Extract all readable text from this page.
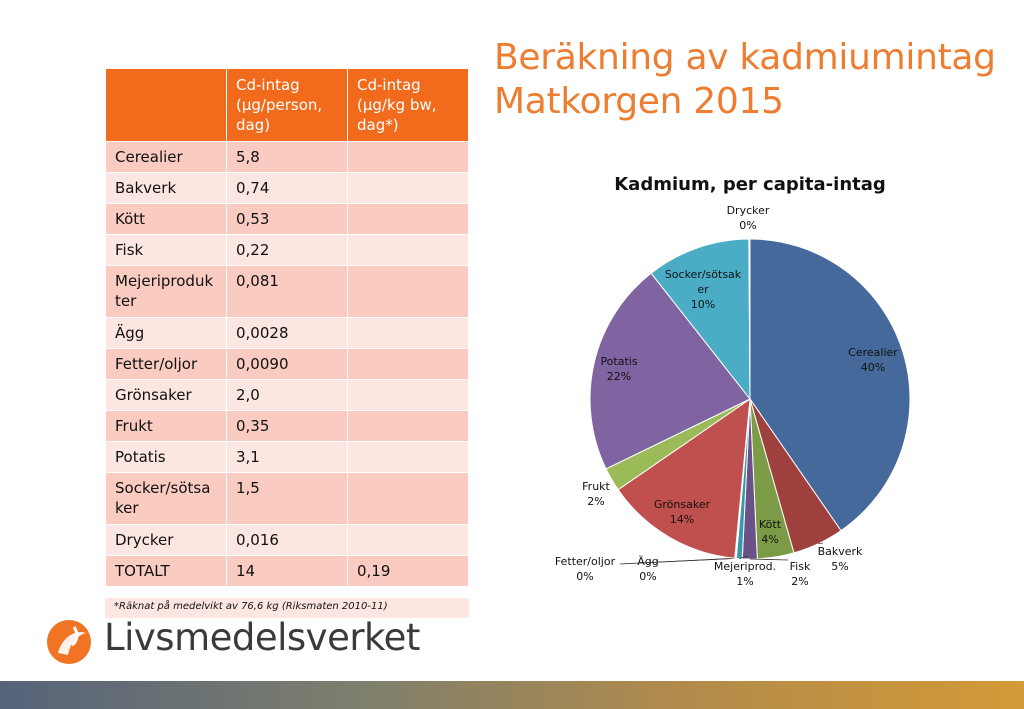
Beräkning av kadmiumintag
Matkorgen 2015
	Cd-intag (µg/person, dag)	Cd-intag (µg/kg bw, dag*)
Cerealier	5,8	
Bakverk	0,74	
Kött	0,53	
Fisk	0,22	
Mejeriprodukter	0,081	
Ägg	0,0028	
Fetter/oljor	0,0090	
Grönsaker	2,0	
Frukt	0,35	
Potatis	3,1	
Socker/sötsaker	1,5	
Drycker	0,016	
TOTALT	14	0,19
*Räknat på medelvikt av 76,6 kg (Riksmaten 2010-11)
Kadmium, per capita-intag
Cerealier 40%
Bakverk 5%
Kött 4%
Fisk 2%
Mejeriprod. 1%
Ägg 0%
Fetter/oljor 0%
Grönsaker 14%
Frukt 2%
Potatis 22%
Socker/sötsak er 10%
Drycker 0%
Livsmedelsverket
